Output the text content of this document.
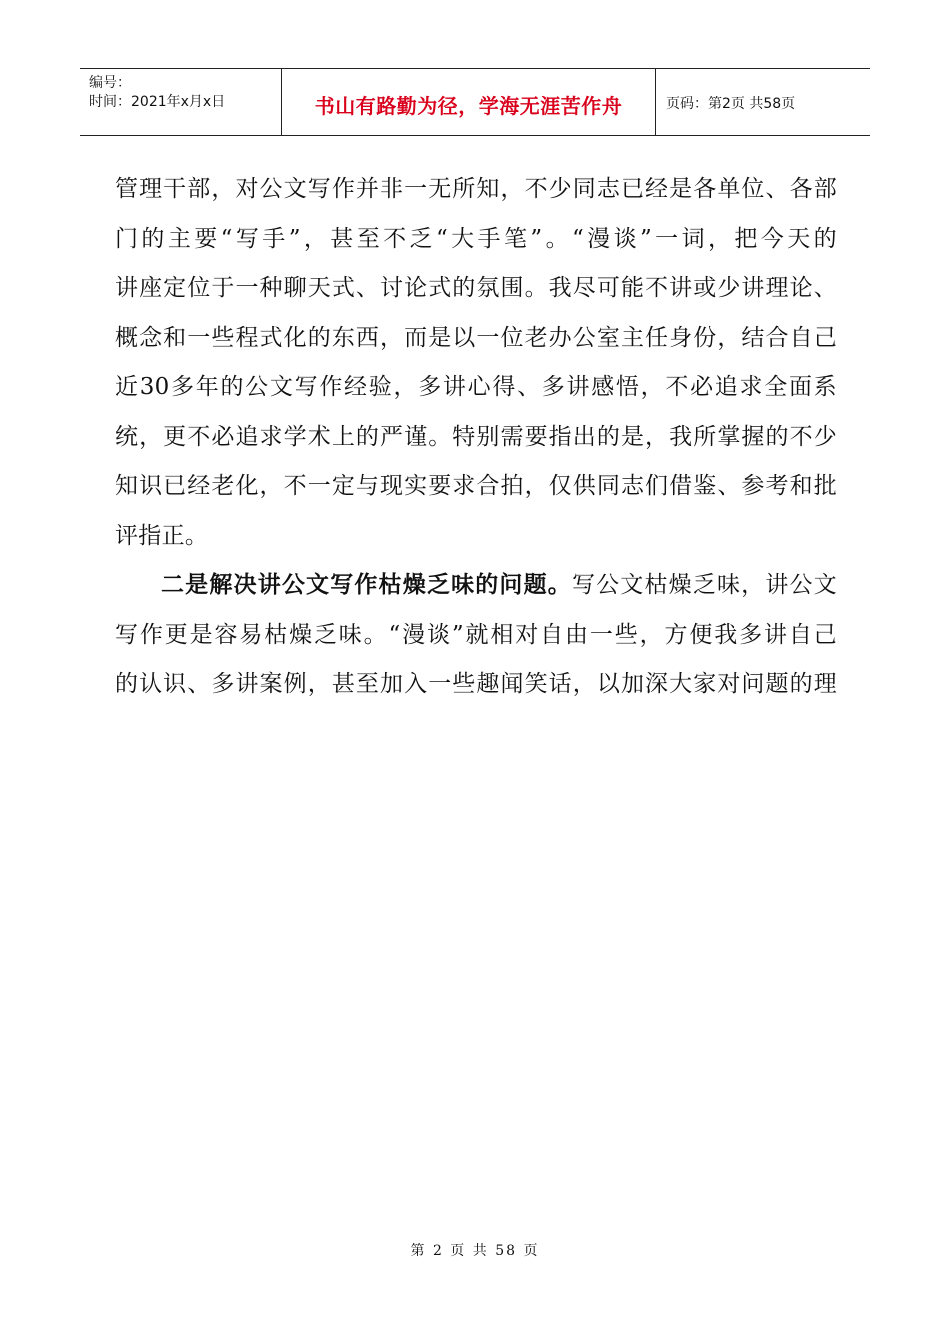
编号：
时间：2021年x月x日	书山有路勤为径，学海无涯苦作舟	页码：第2页 共58页
管理干部，对公文写作并非一无所知，不少同志已经是各单位、各部
门的主要“写手”，甚至不乏“大手笔”。“漫谈”一词，把今天的
讲座定位于一种聊天式、讨论式的氛围。我尽可能不讲或少讲理论、
概念和一些程式化的东西，而是以一位老办公室主任身份，结合自己
近30多年的公文写作经验，多讲心得、多讲感悟，不必追求全面系
统，更不必追求学术上的严谨。特别需要指出的是，我所掌握的不少
知识已经老化，不一定与现实要求合拍，仅供同志们借鉴、参考和批
评指正。
二是解决讲公文写作枯燥乏味的问题。写公文枯燥乏味，讲公文
写作更是容易枯燥乏味。“漫谈”就相对自由一些，方便我多讲自己
的认识、多讲案例，甚至加入一些趣闻笑话，以加深大家对问题的理
第 2 页 共 58 页
